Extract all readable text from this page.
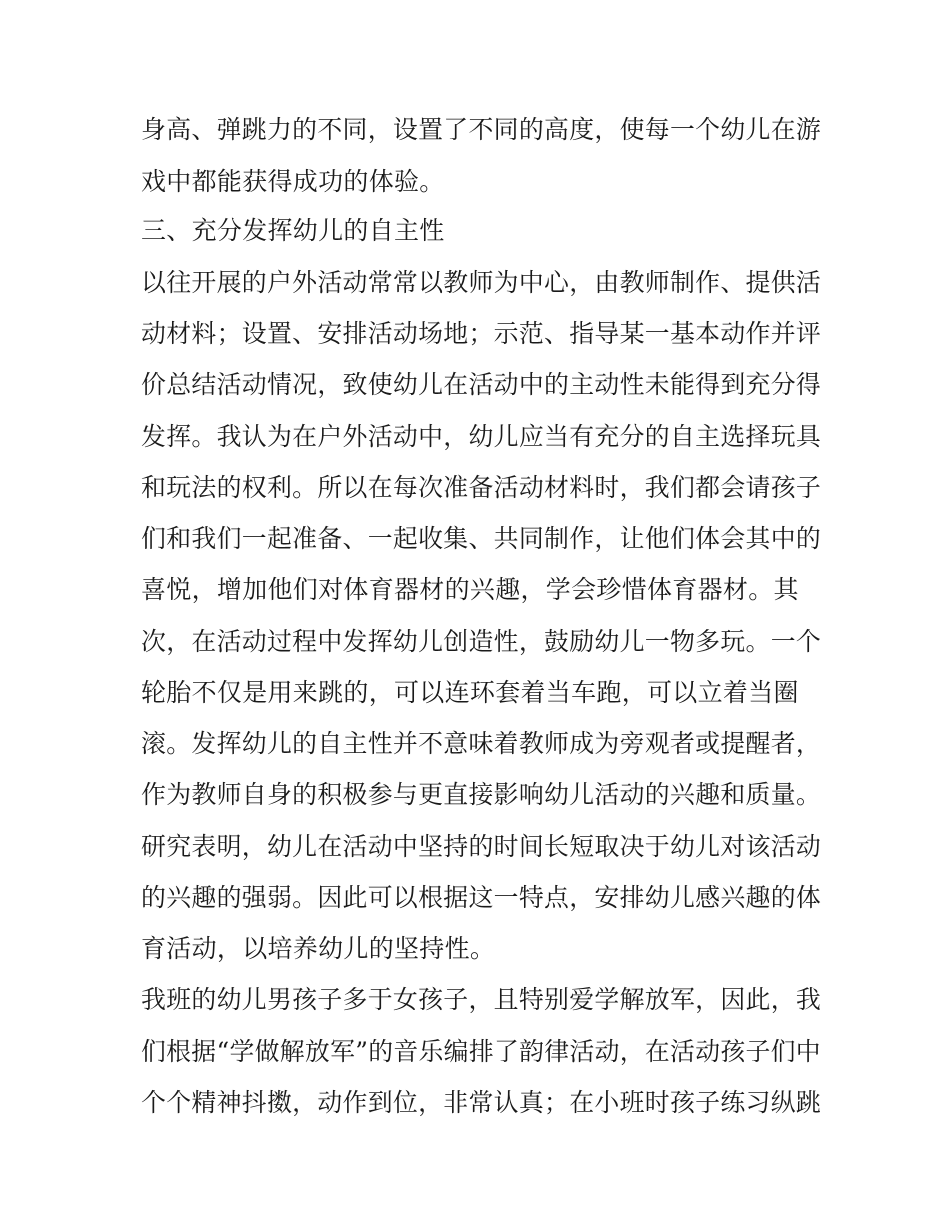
身高、弹跳力的不同，设置了不同的高度，使每一个幼儿在游
戏中都能获得成功的体验。
三、充分发挥幼儿的自主性
以往开展的户外活动常常以教师为中心，由教师制作、提供活
动材料；设置、安排活动场地；示范、指导某一基本动作并评
价总结活动情况，致使幼儿在活动中的主动性未能得到充分得
发挥。我认为在户外活动中，幼儿应当有充分的自主选择玩具
和玩法的权利。所以在每次准备活动材料时，我们都会请孩子
们和我们一起准备、一起收集、共同制作，让他们体会其中的
喜悦，增加他们对体育器材的兴趣，学会珍惜体育器材。其
次，在活动过程中发挥幼儿创造性，鼓励幼儿一物多玩。一个
轮胎不仅是用来跳的，可以连环套着当车跑，可以立着当圈
滚。发挥幼儿的自主性并不意味着教师成为旁观者或提醒者，
作为教师自身的积极参与更直接影响幼儿活动的兴趣和质量。
研究表明，幼儿在活动中坚持的时间长短取决于幼儿对该活动
的兴趣的强弱。因此可以根据这一特点，安排幼儿感兴趣的体
育活动，以培养幼儿的坚持性。
我班的幼儿男孩子多于女孩子，且特别爱学解放军，因此，我
们根据“学做解放军”的音乐编排了韵律活动，在活动孩子们中
个个精神抖擞，动作到位，非常认真；在小班时孩子练习纵跳
